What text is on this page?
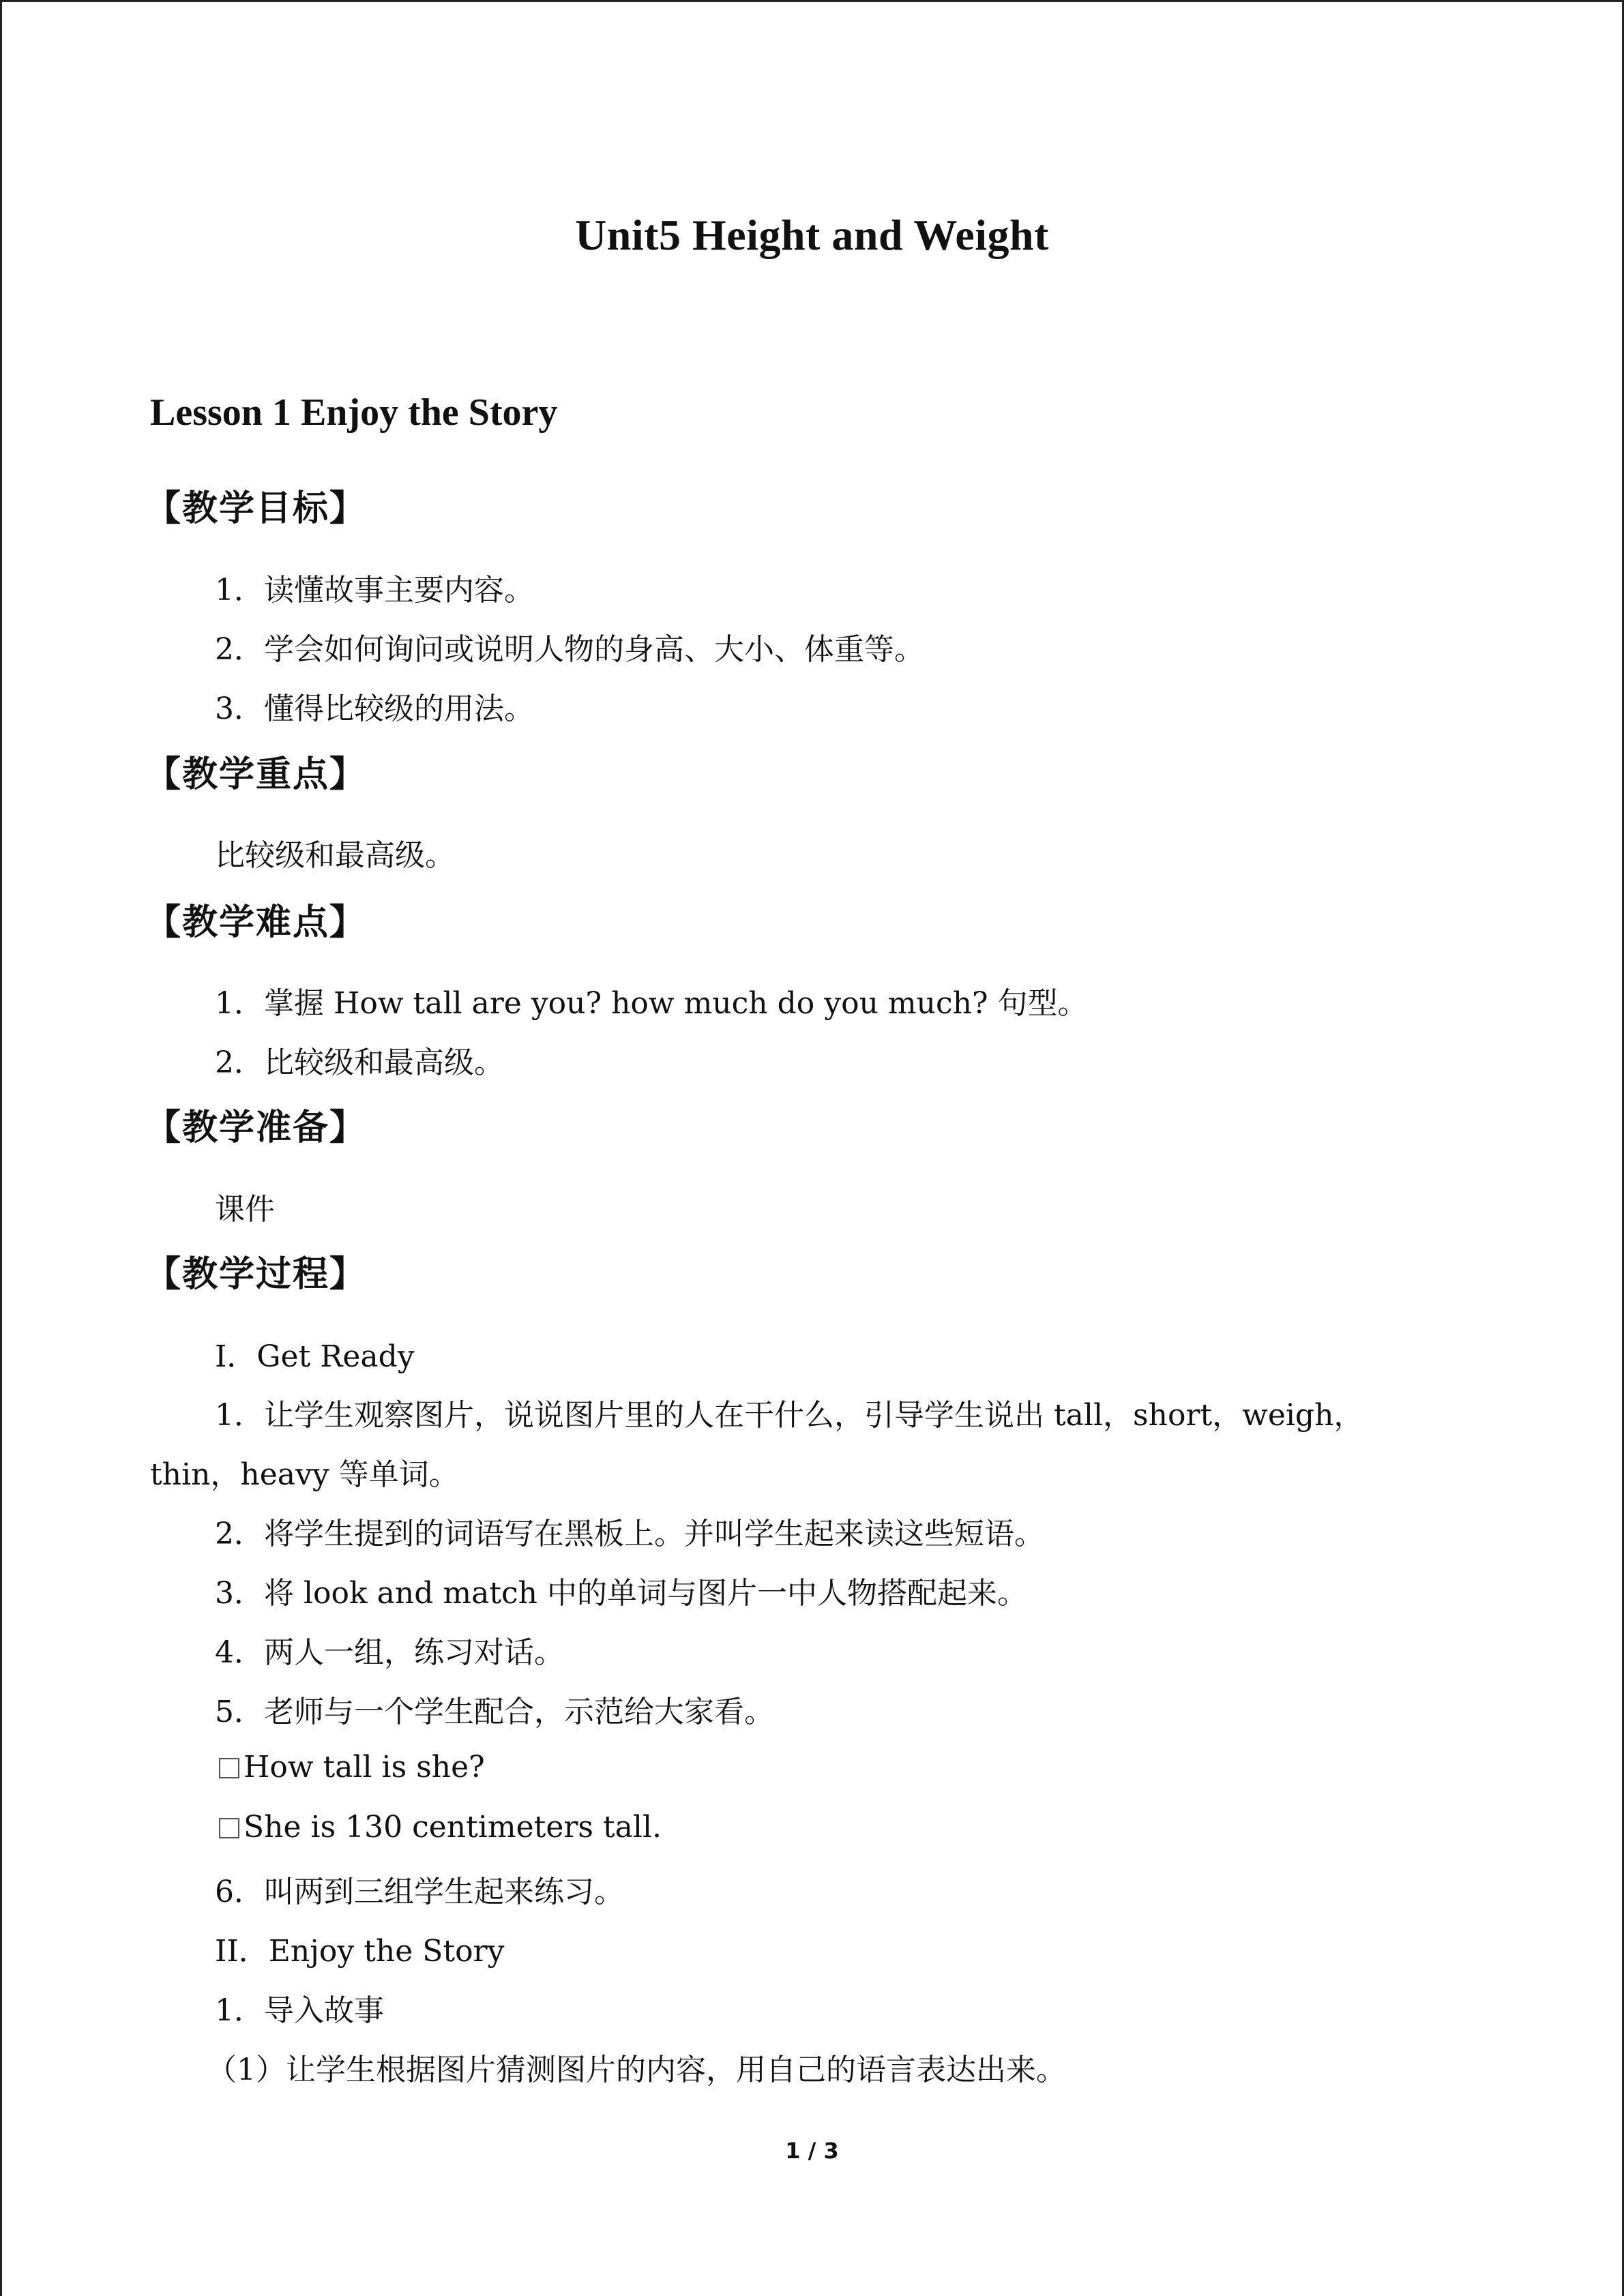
Unit5 Height and Weight
Lesson 1 Enjoy the Story
【教学目标】
1．读懂故事主要内容。
2．学会如何询问或说明人物的身高、大小、体重等。
3．懂得比较级的用法。
【教学重点】
比较级和最高级。
【教学难点】
1．掌握 How tall are you? how much do you much? 句型。
2．比较级和最高级。
【教学准备】
课件
【教学过程】
I．Get Ready
1．让学生观察图片，说说图片里的人在干什么，引导学生说出 tall，short，weigh，
thin，heavy 等单词。
2．将学生提到的词语写在黑板上。并叫学生起来读这些短语。
3．将 look and match 中的单词与图片一中人物搭配起来。
4．两人一组，练习对话。
5．老师与一个学生配合，示范给大家看。
How tall is she?
She is 130 centimeters tall.
6．叫两到三组学生起来练习。
II．Enjoy the Story
1．导入故事
（1）让学生根据图片猜测图片的内容，用自己的语言表达出来。
1 / 3
